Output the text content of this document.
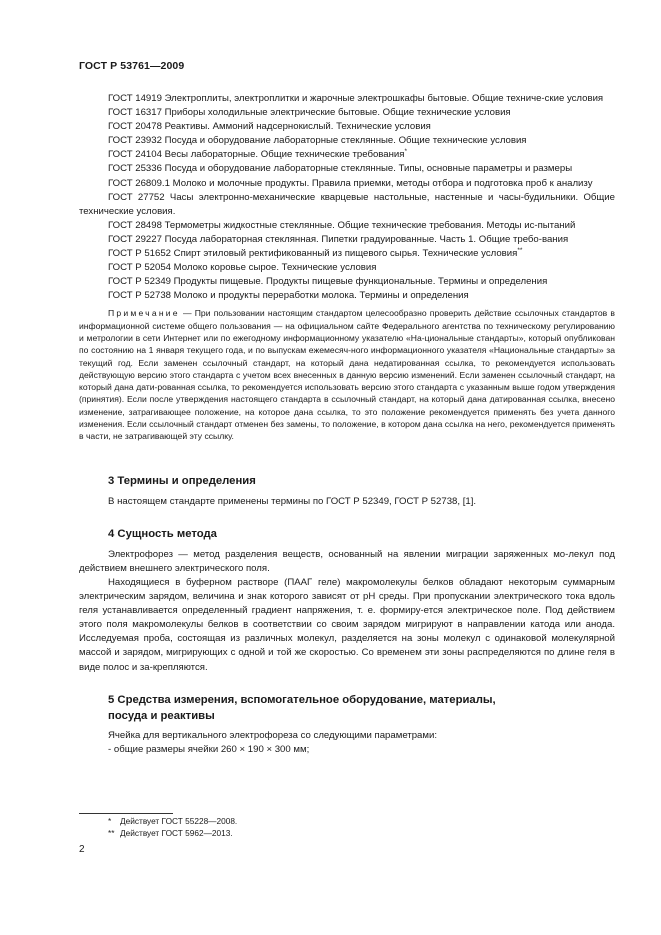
ГОСТ Р 53761—2009

ГОСТ 14919 Электроплиты, электроплитки и жарочные электрошкафы бытовые. Общие техниче-ские условия

ГОСТ 16317 Приборы холодильные электрические бытовые. Общие технические условия

ГОСТ 20478 Реактивы. Аммоний надсернокислый. Технические условия

ГОСТ 23932 Посуда и оборудование лабораторные стеклянные. Общие технические условия

ГОСТ 24104 Весы лабораторные. Общие технические требования*

ГОСТ 25336 Посуда и оборудование лабораторные стеклянные. Типы, основные параметры и размеры

ГОСТ 26809.1 Молоко и молочные продукты. Правила приемки, методы отбора и подготовка проб к анализу

ГОСТ 27752 Часы электронно-механические кварцевые настольные, настенные и часы-будильники. Общие технические условия.

ГОСТ 28498 Термометры жидкостные стеклянные. Общие технические требования. Методы ис-пытаний

ГОСТ 29227 Посуда лабораторная стеклянная. Пипетки градуированные. Часть 1. Общие требо-вания

ГОСТ Р 51652 Спирт этиловый ректификованный из пищевого сырья. Технические условия**

ГОСТ Р 52054 Молоко коровье сырое. Технические условия

ГОСТ Р 52349 Продукты пищевые. Продукты пищевые функциональные. Термины и определения

ГОСТ Р 52738 Молоко и продукты переработки молока. Термины и определения

Примечание — При пользовании настоящим стандартом целесообразно проверить действие ссылочных стандартов в информационной системе общего пользования — на официальном сайте Федерального агентства по техническому регулированию и метрологии в сети Интернет или по ежегодному информационному указателю «На-циональные стандарты», который опубликован по состоянию на 1 января текущего года, и по выпускам ежемесяч-ного информационного указателя «Национальные стандарты» за текущий год. Если заменен ссылочный стандарт, на который дана недатированная ссылка, то рекомендуется использовать действующую версию этого стандарта с учетом всех внесенных в данную версию изменений. Если заменен ссылочный стандарт, на который дана дати-рованная ссылка, то рекомендуется использовать версию этого стандарта с указанным выше годом утверждения (принятия). Если после утверждения настоящего стандарта в ссылочный стандарт, на который дана датированная ссылка, внесено изменение, затрагивающее положение, на которое дана ссылка, то это положение рекомендуется применять без учета данного изменения. Если ссылочный стандарт отменен без замены, то положение, в котором дана ссылка на него, рекомендуется применять в части, не затрагивающей эту ссылку.

3 Термины и определения

В настоящем стандарте применены термины по ГОСТ Р 52349, ГОСТ Р 52738, [1].

4 Сущность метода

Электрофорез — метод разделения веществ, основанный на явлении миграции заряженных мо-лекул под действием внешнего электрического поля.

Находящиеся в буферном растворе (ПААГ геле) макромолекулы белков обладают некоторым суммарным электрическим зарядом, величина и знак которого зависят от pH среды. При пропускании электрического тока вдоль геля устанавливается определенный градиент напряжения, т. е. формиру-ется электрическое поле. Под действием этого поля макромолекулы белков в соответствии со своим зарядом мигрируют в направлении катода или анода. Исследуемая проба, состоящая из различных молекул, разделяется на зоны молекул с одинаковой молекулярной массой и зарядом, мигрирующих с одной и той же скоростью. Со временем эти зоны распределяются по длине геля в виде полос и за-крепляются.

5 Средства измерения, вспомогательное оборудование, материалы,
посуда и реактивы

Ячейка для вертикального электрофореза со следующими параметрами:

- общие размеры ячейки 260 × 190 × 300 мм;

* Действует ГОСТ 55228—2008.

** Действует ГОСТ 5962—2013.

2
